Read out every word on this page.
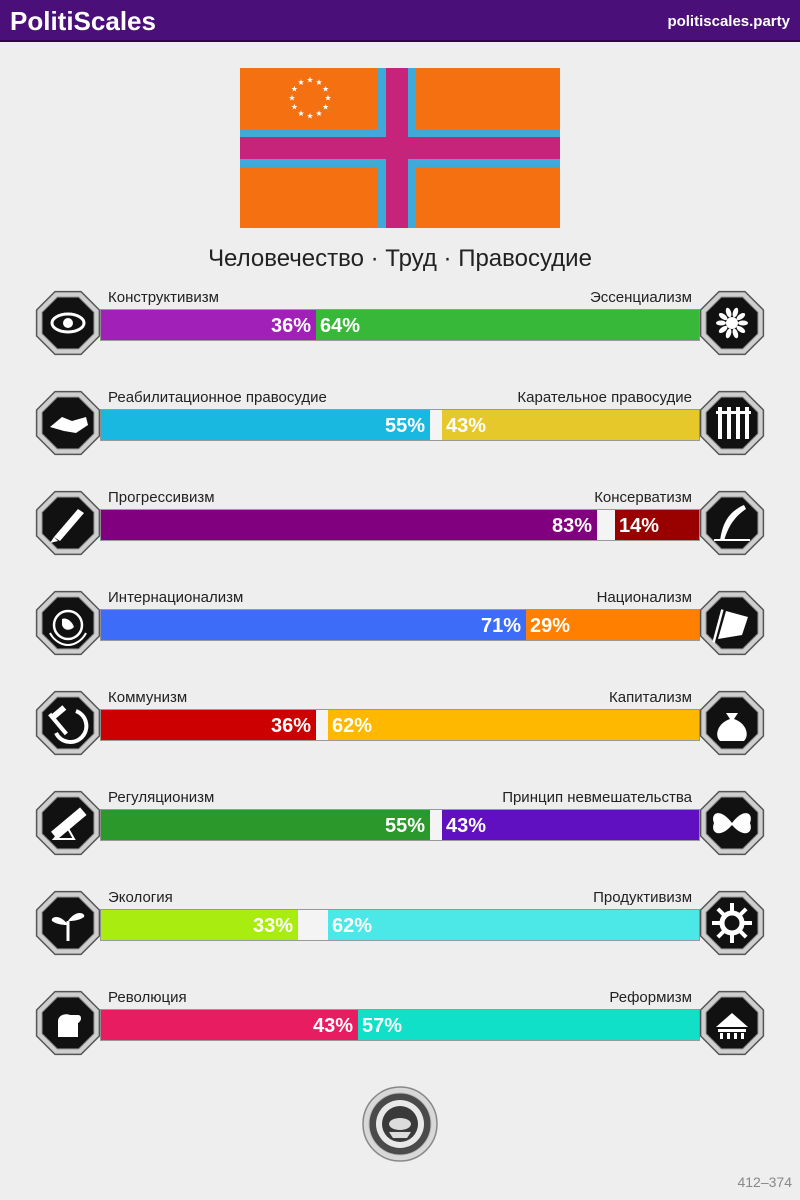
PolitiScales	politiscales.party
Человечество · Труд · Правосудие
Конструктивизм	Эссенциализм
36% 64%
Реабилитационное правосудие	Карательное правосудие
55% 43%
Прогрессивизм	Консерватизм
83% 14%
Интернационализм	Национализм
71% 29%
Коммунизм	Капитализм
36% 62%
Регуляционизм	Принцип невмешательства
55% 43%
Экология	Продуктивизм
33% 62%
Революция	Реформизм
43% 57%
412–374
